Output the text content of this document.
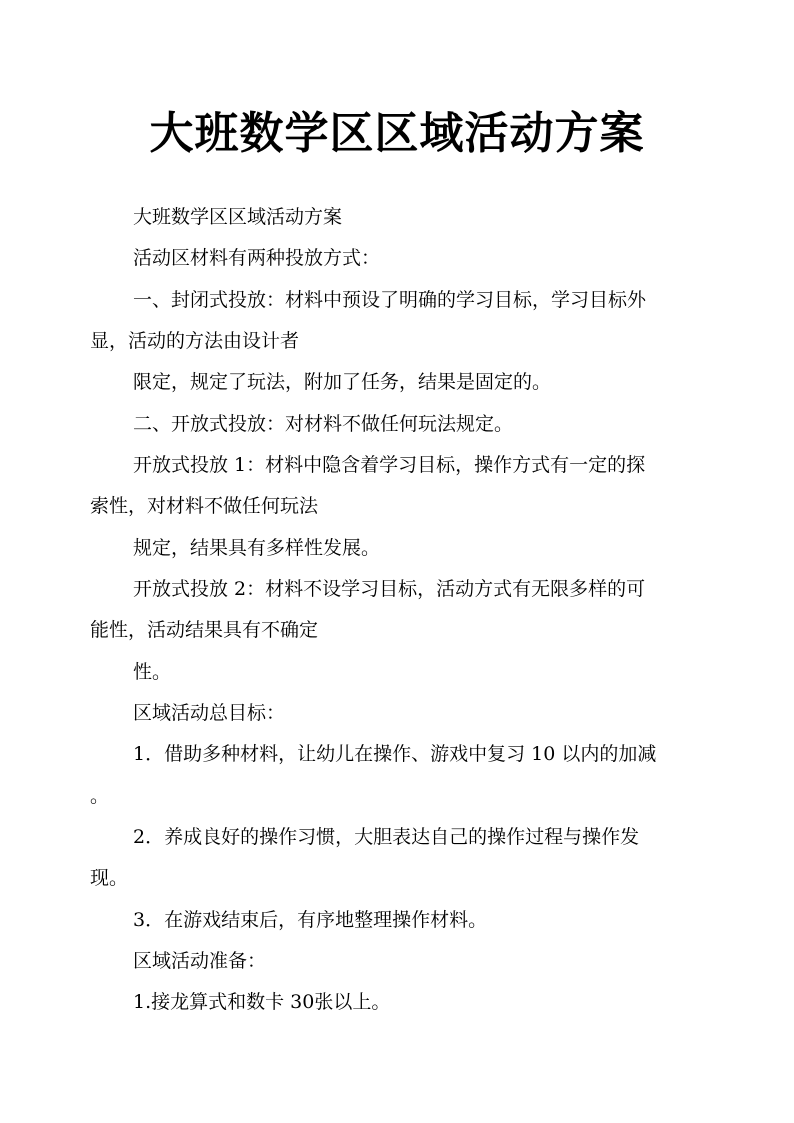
大班数学区区域活动方案
大班数学区区域活动方案
活动区材料有两种投放方式：
一、封闭式投放：材料中预设了明确的学习目标，学习目标外
显，活动的方法由设计者
限定，规定了玩法，附加了任务，结果是固定的。
二、开放式投放：对材料不做任何玩法规定。
开放式投放 1：材料中隐含着学习目标，操作方式有一定的探
索性，对材料不做任何玩法
规定，结果具有多样性发展。
开放式投放 2：材料不设学习目标，活动方式有无限多样的可
能性，活动结果具有不确定
性。
区域活动总目标：
1．借助多种材料，让幼儿在操作、游戏中复习 10 以内的加减
。
2．养成良好的操作习惯，大胆表达自己的操作过程与操作发
现。
3．在游戏结束后，有序地整理操作材料。
区域活动准备：
1.接龙算式和数卡 30张以上。
